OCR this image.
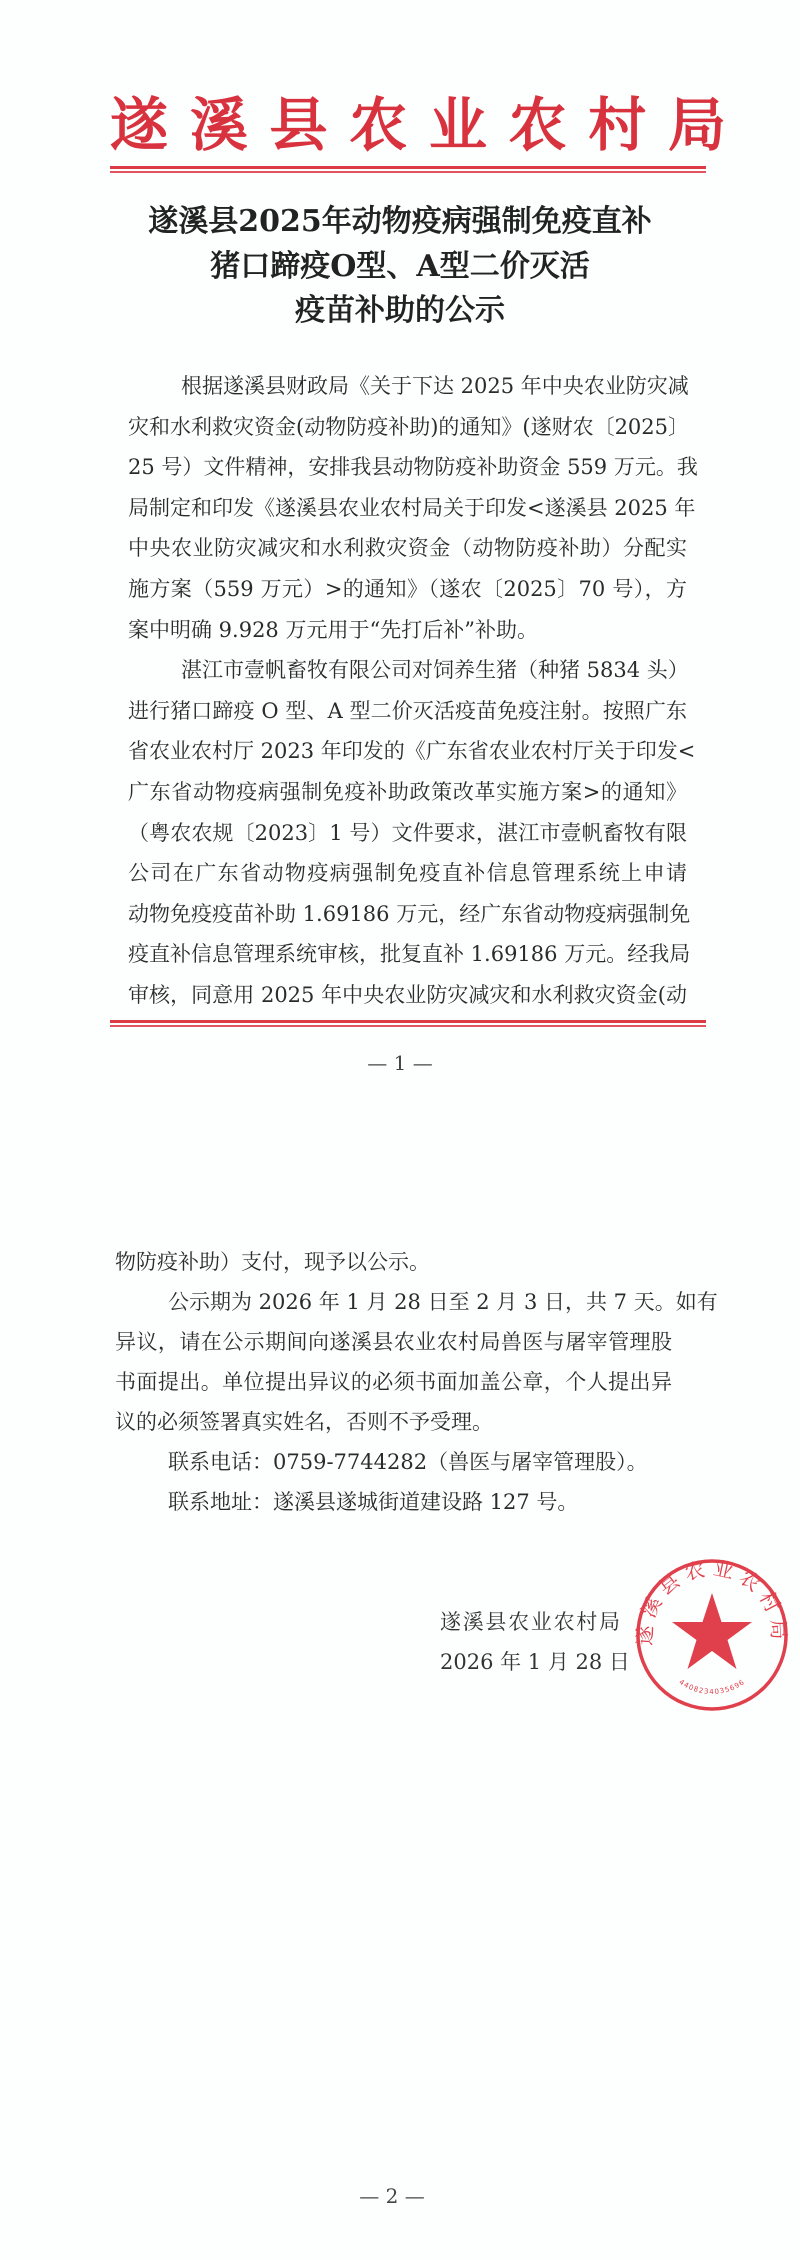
遂溪县农业农村局
遂溪县2025年动物疫病强制免疫直补
猪口蹄疫O型、A型二价灭活
疫苗补助的公示
根据遂溪县财政局《关于下达 2025 年中央农业防灾减
灾和水利救灾资金(动物防疫补助)的通知》(遂财农〔2025〕
25 号）文件精神，安排我县动物防疫补助资金 559 万元。我
局制定和印发《遂溪县农业农村局关于印发<遂溪县 2025 年
中央农业防灾减灾和水利救灾资金（动物防疫补助）分配实
施方案（559 万元）>的通知》（遂农〔2025〕70 号），方
案中明确 9.928 万元用于“先打后补”补助。
湛江市壹帆畜牧有限公司对饲养生猪（种猪 5834 头）
进行猪口蹄疫 O 型、A 型二价灭活疫苗免疫注射。按照广东
省农业农村厅 2023 年印发的《广东省农业农村厅关于印发<
广东省动物疫病强制免疫补助政策改革实施方案>的通知》
（粤农农规〔2023〕1 号）文件要求，湛江市壹帆畜牧有限
公司在广东省动物疫病强制免疫直补信息管理系统上申请
动物免疫疫苗补助 1.69186 万元，经广东省动物疫病强制免
疫直补信息管理系统审核，批复直补 1.69186 万元。经我局
审核，同意用 2025 年中央农业防灾减灾和水利救灾资金(动
— 1 —
物防疫补助）支付，现予以公示。
公示期为 2026 年 1 月 28 日至 2 月 3 日，共 7 天。如有
异议，请在公示期间向遂溪县农业农村局兽医与屠宰管理股
书面提出。单位提出异议的必须书面加盖公章，个人提出异
议的必须签署真实姓名，否则不予受理。
联系电话：0759-7744282（兽医与屠宰管理股）。
联系地址：遂溪县遂城街道建设路 127 号。
遂溪县农业农村局
4408234035696
遂溪县农业农村局
2026 年 1 月 28 日
— 2 —
